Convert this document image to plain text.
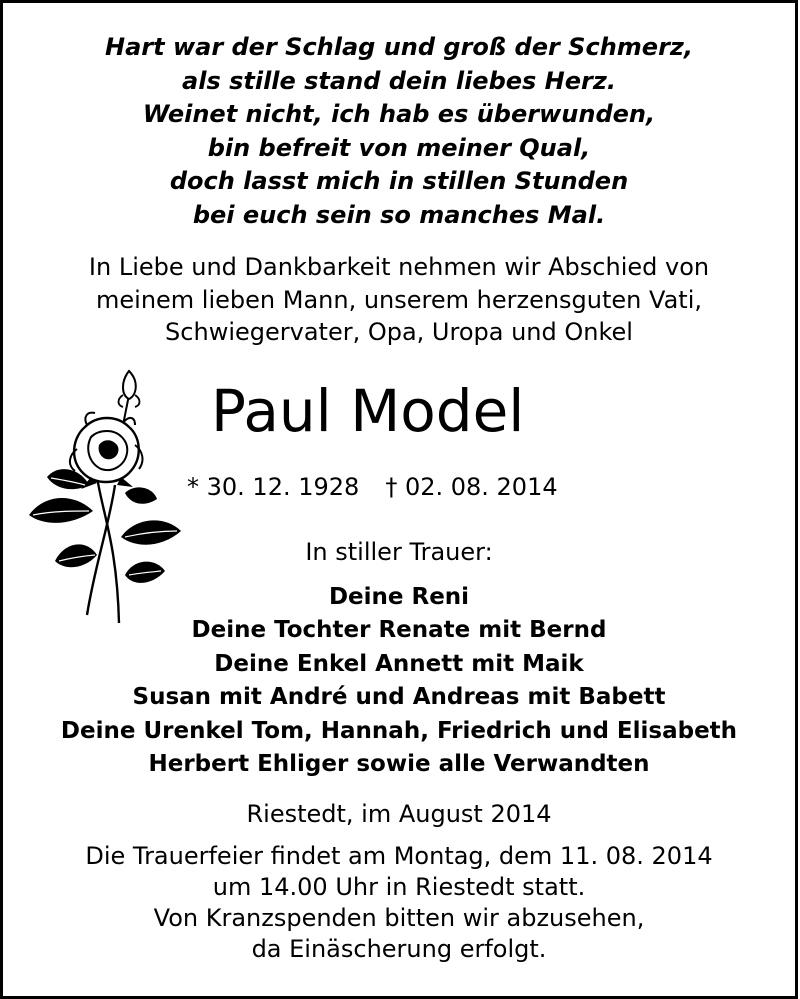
Hart war der Schlag und groß der Schmerz,
als stille stand dein liebes Herz.
Weinet nicht, ich hab es überwunden,
bin befreit von meiner Qual,
doch lasst mich in stillen Stunden
bei euch sein so manches Mal.
In Liebe und Dankbarkeit nehmen wir Abschied von
meinem lieben Mann, unserem herzensguten Vati,
Schwiegervater, Opa, Uropa und Onkel
Paul Model
* 30. 12. 1928 † 02. 08. 2014
In stiller Trauer:
Deine Reni
Deine Tochter Renate mit Bernd
Deine Enkel Annett mit Maik
Susan mit André und Andreas mit Babett
Deine Urenkel Tom, Hannah, Friedrich und Elisabeth
Herbert Ehliger sowie alle Verwandten
Riestedt, im August 2014
Die Trauerfeier findet am Montag, dem 11. 08. 2014
um 14.00 Uhr in Riestedt statt.
Von Kranzspenden bitten wir abzusehen,
da Einäscherung erfolgt.
